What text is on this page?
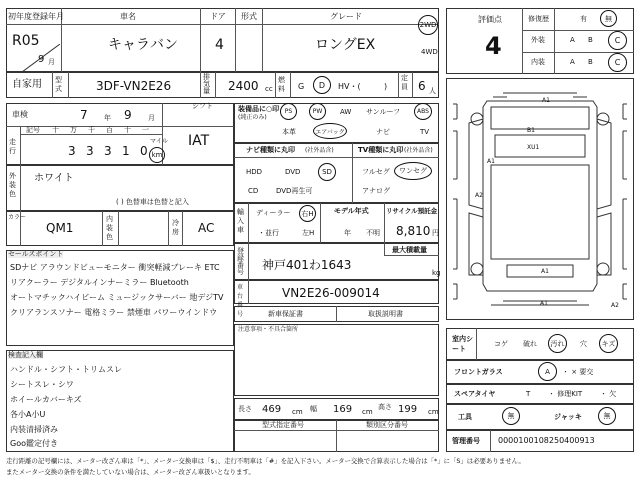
初年度登録年月	車名	ドア 形式	グレード
2WD
4WD
R05
9 月
キャラバン	4	ロングEX
自家用 型式	3DF-VN2E26
排気量 2400 cc
燃料 G D HV・(	)
定員 6 人
車検	7 年 9 月
シフト
IAT
走行
記号 十 万 千 百 十 一
3 3 3 1 0
マイル
km
外装色
ホワイト
( ) 色替車は色替と記入
カラー
QM1
内装色
冷房 AC
セールスポイント
SDナビ アラウンドビューモニター 衝突軽減ブレーキ ETC
リアクーラー デジタルインナーミラー Bluetooth
オートマチックハイビーム ミュージックサーバー 地デジTV
クリアランスソナー 電格ミラー 禁煙車 パワーウインドウ
検査記入欄
ハンドル・シフト・トリムスレ
シートスレ・シワ
ホイールカバーキズ
各小A小U
内装清掃済み
Goo鑑定付き
装備品に○印
(純正のみ)
PS	PW	AW サンルーフ	ABS
本革	エアバック	ナビ	TV
ナビ種類に丸印 (社外品含)
HDD	DVD	SD
CD	DVD再生可
TV種類に丸印 (社外品含)
フルセグ ワンセグ
アナログ
輸入車
ディーラー
・並行
右H
左H
モデル年式
年 不明
リサイクル預託金
8,810 円
登録番号 神戸401わ1643
最大積載量
kg
車台番号
VN2E26-009014
新車保証書	取扱説明書
注意事項・不具合箇所
長さ 469 cm 幅 169 cm
高さ 199 cm
型式指定番号	類別区分番号
評価点
4
修復歴	有	無
外装	A B	C
内装	A B	C
A1
B1
XU1
A1
A2
A1
A1	A2
室内シート
コゲ 破れ 汚れ 穴 キズ
フロントガラス	A ・ × 要交
スペアタイヤ	T	・ 修理KIT	・ 欠
工具	無	ジャッキ	無
管理番号 0000100108250400913
走行距離の記号欄には、メーター改ざん車は「*」、メーター交換車は「$」、走行不明車は「#」を記入下さい。メーター交換で合算表示した場合は「*」に「S」は必要ありません。
またメーター交換の条件を満たしていない場合は、メーター改ざん車扱いとなります。
